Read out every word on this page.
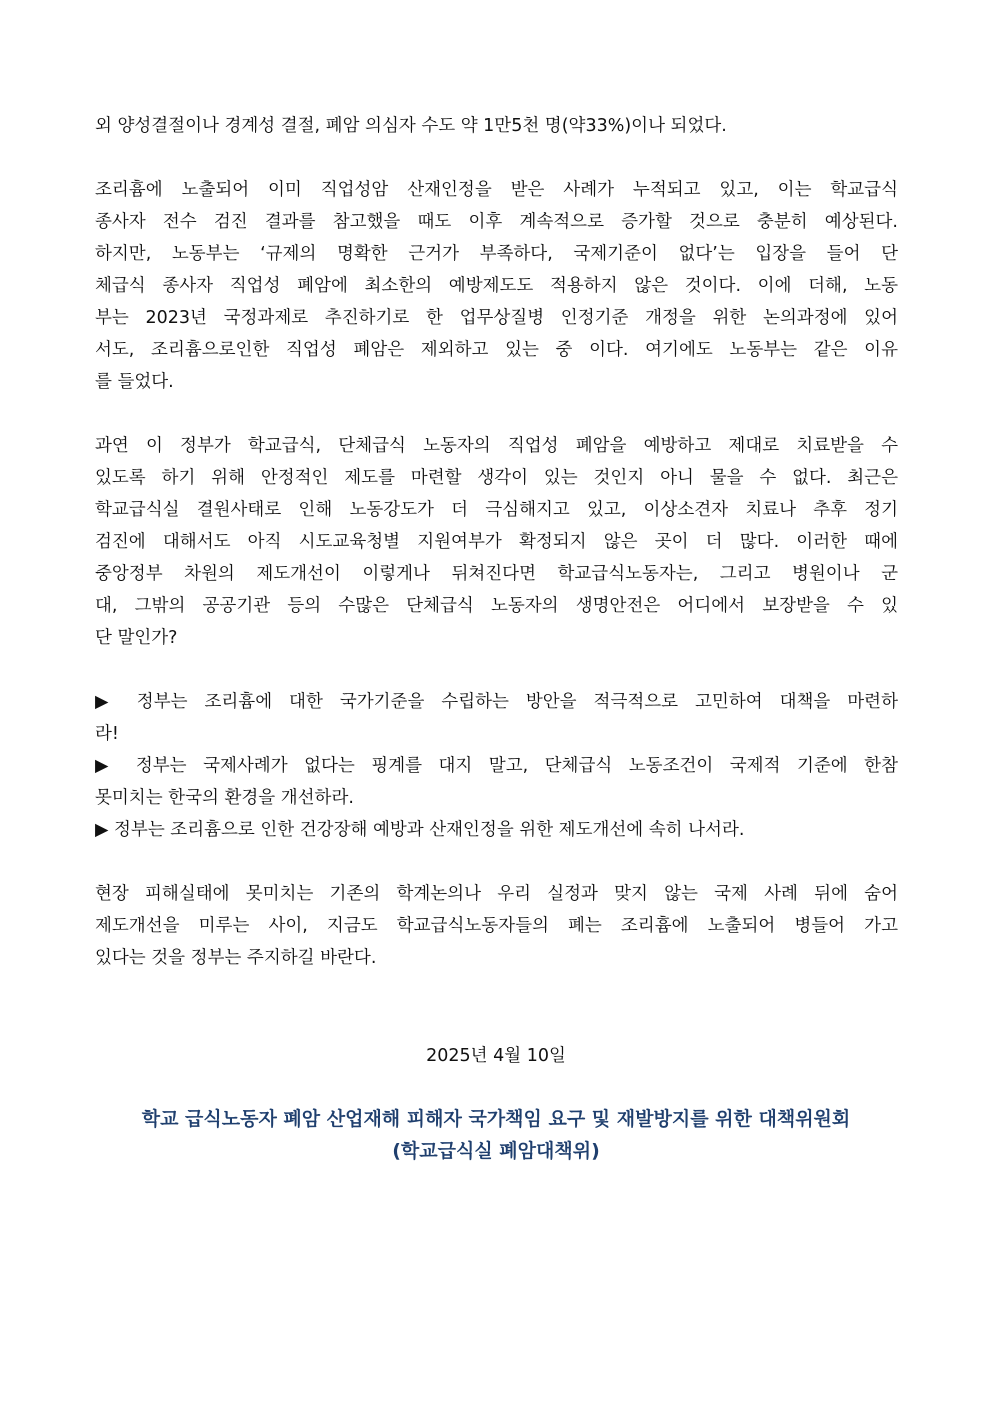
외 양성결절이나 경계성 결절, 폐암 의심자 수도 약 1만5천 명(약33%)이나 되었다.
조리흄에 노출되어 이미 직업성암 산재인정을 받은 사례가 누적되고 있고, 이는 학교급식
종사자 전수 검진 결과를 참고했을 때도 이후 계속적으로 증가할 것으로 충분히 예상된다.
하지만, 노동부는 ‘규제의 명확한 근거가 부족하다, 국제기준이 없다’는 입장을 들어 단
체급식 종사자 직업성 폐암에 최소한의 예방제도도 적용하지 않은 것이다. 이에 더해, 노동
부는 2023년 국정과제로 추진하기로 한 업무상질병 인정기준 개정을 위한 논의과정에 있어
서도, 조리흄으로인한 직업성 폐암은 제외하고 있는 중 이다. 여기에도 노동부는 같은 이유
를 들었다.
과연 이 정부가 학교급식, 단체급식 노동자의 직업성 폐암을 예방하고 제대로 치료받을 수
있도록 하기 위해 안정적인 제도를 마련할 생각이 있는 것인지 아니 물을 수 없다. 최근은
학교급식실 결원사태로 인해 노동강도가 더 극심해지고 있고, 이상소견자 치료나 추후 정기
검진에 대해서도 아직 시도교육청별 지원여부가 확정되지 않은 곳이 더 많다. 이러한 때에
중앙정부 차원의 제도개선이 이렇게나 뒤쳐진다면 학교급식노동자는, 그리고 병원이나 군
대, 그밖의 공공기관 등의 수많은 단체급식 노동자의 생명안전은 어디에서 보장받을 수 있
단 말인가?
▶ 정부는 조리흄에 대한 국가기준을 수립하는 방안을 적극적으로 고민하여 대책을 마련하
라!
▶ 정부는 국제사례가 없다는 핑계를 대지 말고, 단체급식 노동조건이 국제적 기준에 한참
못미치는 한국의 환경을 개선하라.
▶ 정부는 조리흄으로 인한 건강장해 예방과 산재인정을 위한 제도개선에 속히 나서라.
현장 피해실태에 못미치는 기존의 학계논의나 우리 실정과 맞지 않는 국제 사례 뒤에 숨어
제도개선을 미루는 사이, 지금도 학교급식노동자들의 폐는 조리흄에 노출되어 병들어 가고
있다는 것을 정부는 주지하길 바란다.
2025년 4월 10일
학교 급식노동자 폐암 산업재해 피해자 국가책임 요구 및 재발방지를 위한 대책위원회
(학교급식실 폐암대책위)
